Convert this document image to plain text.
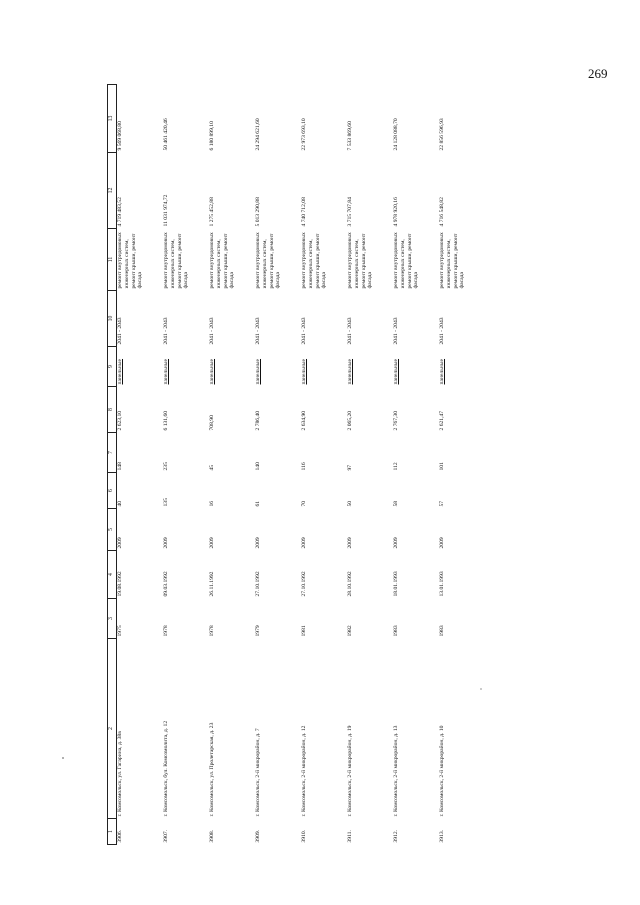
269
1	2	3	4	5	6	7	8	9	10	11	12	13
3906.	г. Комсомольск, ул. Гагарина, д. 38в	1975	19.08.1992	2009	40	148	2 623,10	панельные	2041 - 2043	ремонт внутридомовых инженерных систем, ремонт крыши, ремонт фасада	4 719 483,52	9 569 068,80
3907.	г. Комсомольск, бул. Комсомолита, д. 12	1978	09.03.1992	2009	135	235	6 131,60	панельные	2041 - 2043	ремонт внутридомовых инженерных систем, ремонт крыши, ремонт фасада	11 031 974,72	50 461 420,46
3908.	г. Комсомольск, ул. Пролетарская, д. 23	1978	26.11.1992	2009	16	45	708,90	панельные	2041 - 2043	ремонт внутридомовых инженерных систем, ремонт крыши, ремонт фасада	1 275 452,88	6 180 899,10
3909.	г. Комсомольск, 2-й микрорайон, д. 7	1979	27.10.1992	2009	61	140	2 786,40	панельные	2041 - 2043	ремонт внутридомовых инженерных систем, ремонт крыши, ремонт фасада	5 013 290,88	24 294 621,60
3910.	г. Комсомольск, 2-й микрорайон, д. 12	1981	27.10.1992	2009	70	116	2 634,90	панельные	2041 - 2043	ремонт внутридомовых инженерных систем, ремонт крыши, ремонт фасада	4 740 712,08	22 973 693,10
3911.	г. Комсомольск, 2-й микрорайон, д. 19	1982	28.10.1992	2009	50	97	2 065,20	панельные	2041 - 2043	ремонт внутридомовых инженерных систем, ремонт крыши, ремонт фасада	3 715 707,84	7 533 869,60
3912.	г. Комсомольск, 2-й микрорайон, д. 13	1983	18.01.1993	2009	58	112	2 767,30	панельные	2041 - 2043	ремонт внутридомовых инженерных систем, ремонт крыши, ремонт фасада	4 978 920,16	24 128 088,70
3913.	г. Комсомольск, 2-й микрорайон, д. 10	1983	13.01.1993	2009	57	101	2 621,47	панельные	2041 - 2043	ремонт внутридомовых инженерных систем, ремонт крыши, ремонт фасада	4 716 548,82	22 856 596,93
